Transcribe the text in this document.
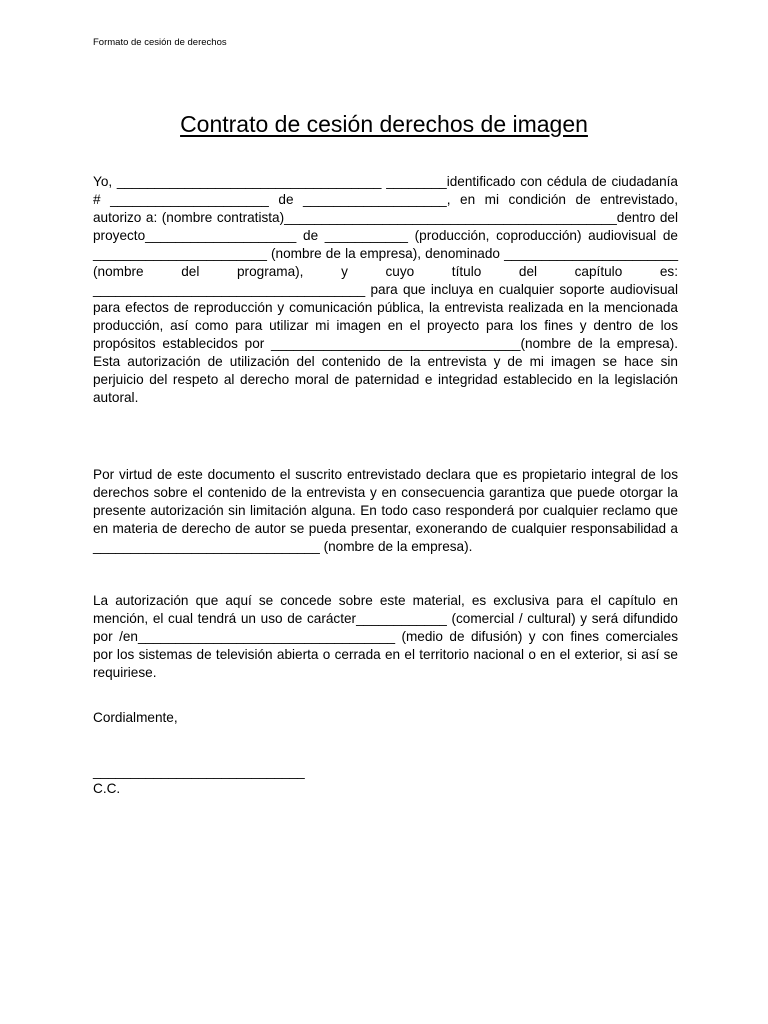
Formato de cesión de derechos
Contrato de cesión derechos de imagen

Yo, ___________________________________ ________identificado con cédula de ciudadanía # _____________________ de ___________________, en mi condición de entrevistado, autorizo a: (nombre contratista)____________________________________________dentro del proyecto____________________ de ___________ (producción, coproducción) audiovisual de _______________________ (nombre de la empresa), denominado _______________________ (nombre del programa), y cuyo título del capítulo es: ____________________________________ para que incluya en cualquier soporte audiovisual para efectos de reproducción y comunicación pública, la entrevista realizada en la mencionada producción, así como para utilizar mi imagen en el proyecto para los fines y dentro de los propósitos establecidos por _________________________________(nombre de la empresa). Esta autorización de utilización del contenido de la entrevista y de mi imagen se hace sin perjuicio del respeto al derecho moral de paternidad e integridad establecido en la legislación autoral.

Por virtud de este documento el suscrito entrevistado declara que es propietario integral de los derechos sobre el contenido de la entrevista y en consecuencia garantiza que puede otorgar la presente autorización sin limitación alguna. En todo caso responderá por cualquier reclamo que en materia de derecho de autor se pueda presentar, exonerando de cualquier responsabilidad a ______________________________ (nombre de la empresa).

La autorización que aquí se concede sobre este material, es exclusiva para el capítulo en mención, el cual tendrá un uso de carácter____________ (comercial / cultural) y será difundido por /en__________________________________ (medio de difusión) y con fines comerciales por los sistemas de televisión abierta o cerrada en el territorio nacional o en el exterior, si así se requiriese.

Cordialmente,
____________________________
C.C.
